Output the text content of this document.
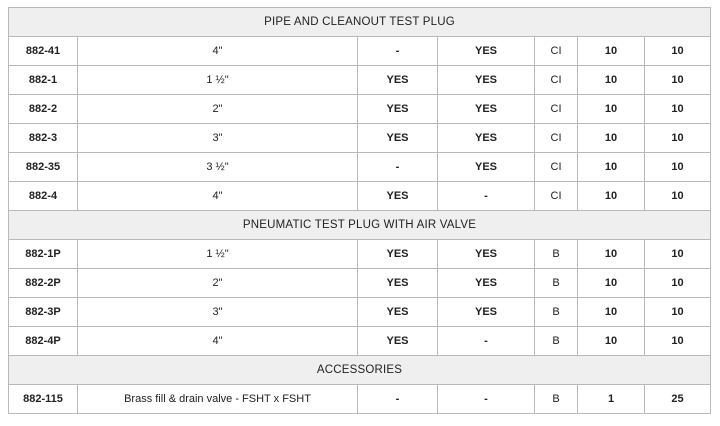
PIPE AND CLEANOUT TEST PLUG						
882-41	4"	-	YES	CI	10	10
882-1	1 ½"	YES	YES	CI	10	10
882-2	2"	YES	YES	CI	10	10
882-3	3"	YES	YES	CI	10	10
882-35	3 ½"	-	YES	CI	10	10
882-4	4"	YES	-	CI	10	10
PNEUMATIC TEST PLUG WITH AIR VALVE						
882-1P	1 ½"	YES	YES	B	10	10
882-2P	2"	YES	YES	B	10	10
882-3P	3"	YES	YES	B	10	10
882-4P	4"	YES	-	B	10	10
ACCESSORIES						
882-115	Brass fill & drain valve - FSHT x FSHT	-	-	B	1	25
